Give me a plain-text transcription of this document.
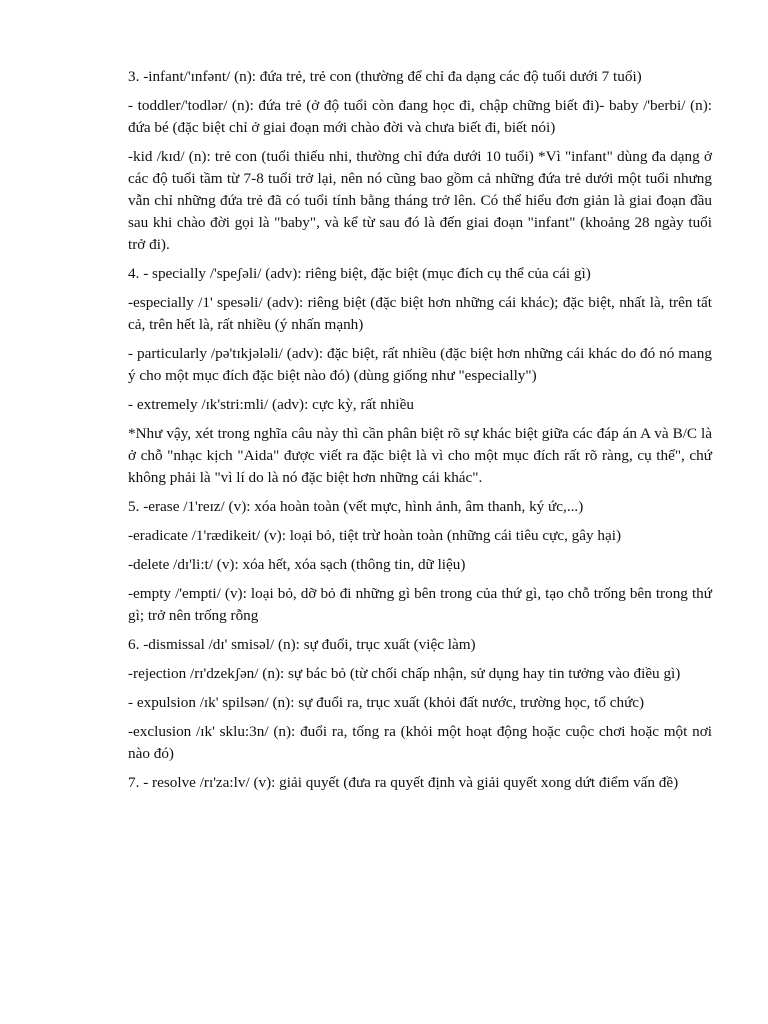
3. -infant/'ɪnfənt/ (n): đứa trẻ, trẻ con (thường để chỉ đa dạng các độ tuổi dưới 7 tuổi)

- toddler/'todlər/ (n): đứa trẻ (ở độ tuổi còn đang học đi, chập chững biết đi)- baby /'berbi/ (n): đứa bé (đặc biệt chỉ ở giai đoạn mới chào đời và chưa biết đi, biết nói)

-kid /kɪd/ (n): trẻ con (tuổi thiếu nhi, thường chỉ đứa dưới 10 tuổi) *Vì "infant" dùng đa dạng ở các độ tuổi tầm từ 7-8 tuổi trở lại, nên nó cũng bao gồm cả những đứa trẻ dưới một tuổi nhưng vẫn chỉ những đứa trẻ đã có tuổi tính bằng tháng trở lên. Có thể hiểu đơn giản là giai đoạn đầu sau khi chào đời gọi là "baby", và kể từ sau đó là đến giai đoạn "infant" (khoảng 28 ngày tuổi trở đi).

4. - specially /'speʃəli/ (adv): riêng biệt, đặc biệt (mục đích cụ thể của cái gì)

-especially /1' spesəli/ (adv): riêng biệt (đặc biệt hơn những cái khác); đặc biệt, nhất là, trên tất cả, trên hết là, rất nhiều (ý nhấn mạnh)

- particularly /pə'tɪkjələli/ (adv): đặc biệt, rất nhiều (đặc biệt hơn những cái khác do đó nó mang ý cho một mục đích đặc biệt nào đó) (dùng giống như "especially")

- extremely /ɪk'stri:mli/ (adv): cực kỳ, rất nhiều

*Như vậy, xét trong nghĩa câu này thì cần phân biệt rõ sự khác biệt giữa các đáp án A và B/C là ở chỗ "nhạc kịch "Aida" được viết ra đặc biệt là vì cho một mục đích rất rõ ràng, cụ thể", chứ không phải là "vì lí do là nó đặc biệt hơn những cái khác".

5. -erase /1'reɪz/ (v): xóa hoàn toàn (vết mực, hình ảnh, âm thanh, ký ức,...)

-eradicate /1'rædikeit/ (v): loại bỏ, tiệt trừ hoàn toàn (những cái tiêu cực, gây hại)

-delete /dɪ'li:t/ (v): xóa hết, xóa sạch (thông tin, dữ liệu)

-empty /'empti/ (v): loại bỏ, dỡ bỏ đi những gì bên trong của thứ gì, tạo chỗ trống bên trong thứ gì; trở nên trống rỗng

6. -dismissal /dɪ' smisəl/ (n): sự đuổi, trục xuất (việc làm)

-rejection /rɪ'dzekʃən/ (n): sự bác bỏ (từ chối chấp nhận, sử dụng hay tin tưởng vào điều gì)

- expulsion /ɪk' spilsən/ (n): sự đuổi ra, trục xuất (khỏi đất nước, trường học, tổ chức)

-exclusion /ɪk' sklu:3n/ (n): đuổi ra, tống ra (khỏi một hoạt động hoặc cuộc chơi hoặc một nơi nào đó)

7. - resolve /rɪ'za:lv/ (v): giải quyết (đưa ra quyết định và giải quyết xong dứt điểm vấn đề)
